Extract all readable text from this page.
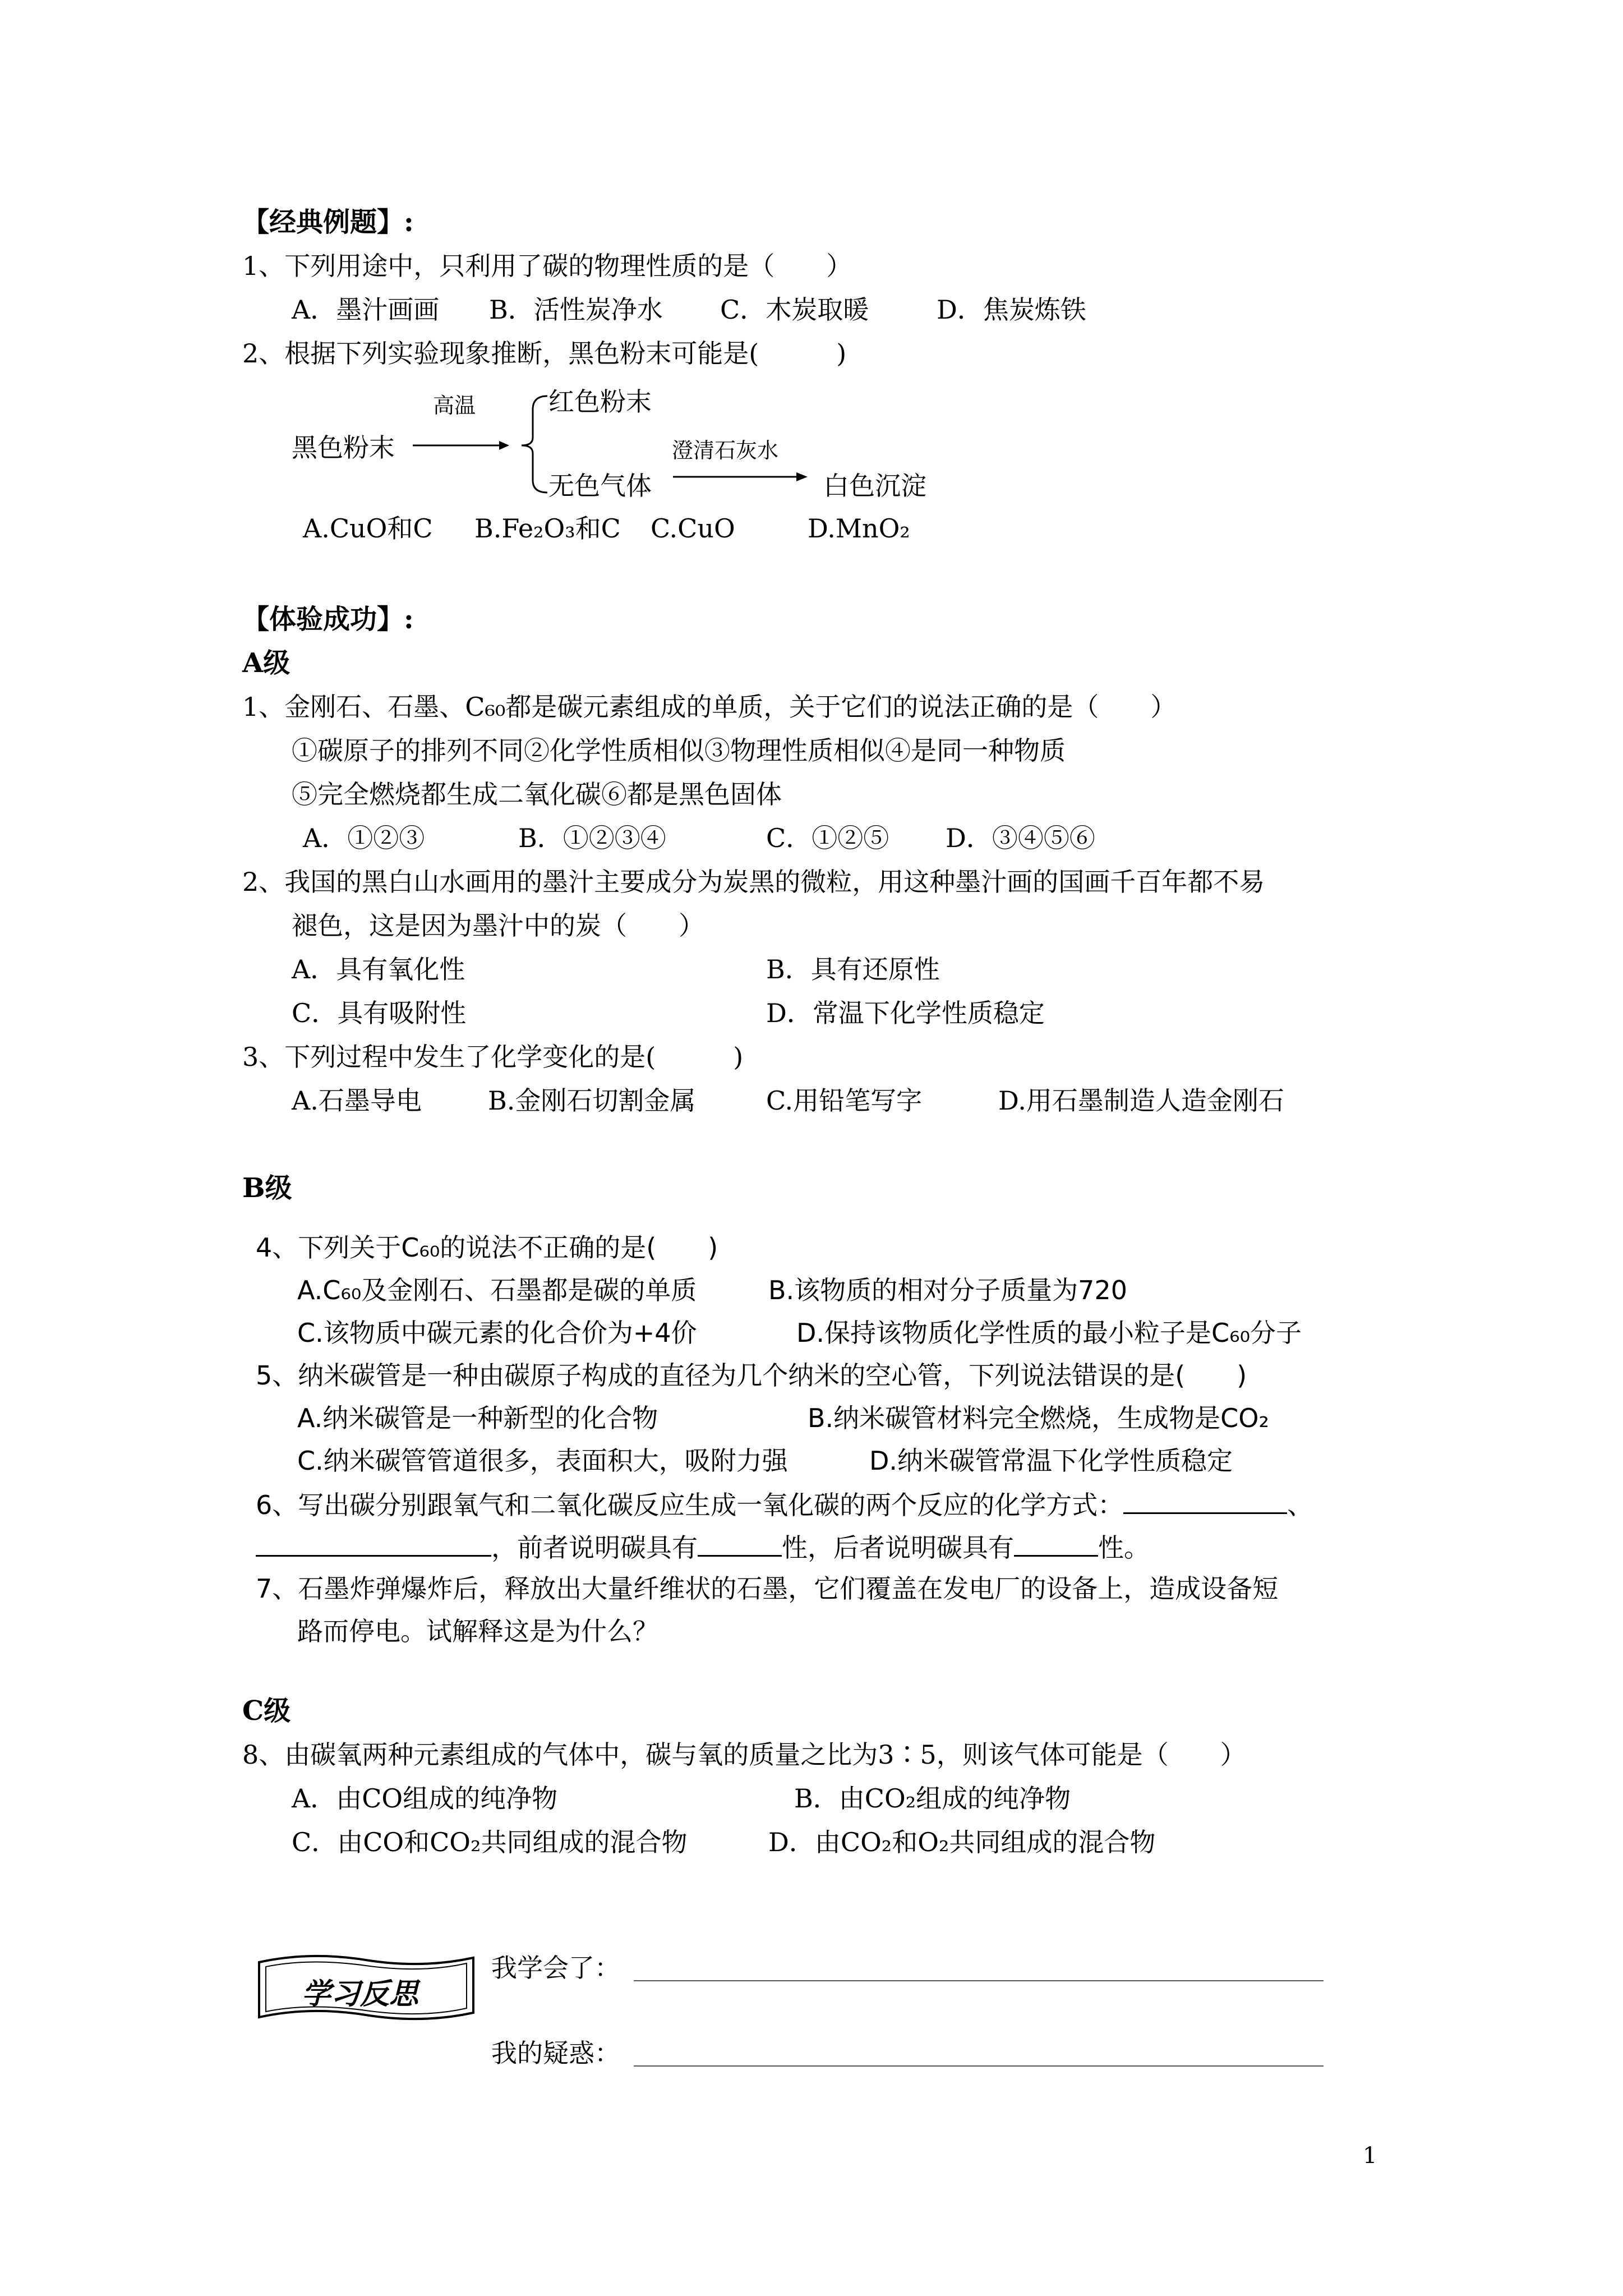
【经典例题】:
1、下列用途中，只利用了碳的物理性质的是（　　）
A．墨汁画画 B．活性炭净水 C．木炭取暖	D．焦炭炼铁
2、根据下列实验现象推断，黑色粉末可能是(　　　)
黑色粉末
高温	红色粉末
无色气体
澄清石灰水
白色沉淀
A.CuO和C B.Fe₂O₃和C C.CuO	D.MnO₂
【体验成功】:
A级
1、金刚石、石墨、C₆₀都是碳元素组成的单质，关于它们的说法正确的是（　　）
①碳原子的排列不同②化学性质相似③物理性质相似④是同一种物质
⑤完全燃烧都生成二氧化碳⑥都是黑色固体
A．①②③	B．①②③④	C．①②⑤ D．③④⑤⑥
2、我国的黑白山水画用的墨汁主要成分为炭黑的微粒，用这种墨汁画的国画千百年都不易
褪色，这是因为墨汁中的炭（　　）
A．具有氧化性	B．具有还原性
C．具有吸附性	D．常温下化学性质稳定
3、下列过程中发生了化学变化的是(　　　)
A.石墨导电	B.金刚石切割金属	C.用铅笔写字	D.用石墨制造人造金刚石
B级
4、下列关于C₆₀的说法不正确的是(　　)
A.C₆₀及金刚石、石墨都是碳的单质	B.该物质的相对分子质量为720
C.该物质中碳元素的化合价为+4价	D.保持该物质化学性质的最小粒子是C₆₀分子
5、纳米碳管是一种由碳原子构成的直径为几个纳米的空心管，下列说法错误的是(　　)
A.纳米碳管是一种新型的化合物	B.纳米碳管材料完全燃烧，生成物是CO₂
C.纳米碳管管道很多，表面积大，吸附力强	D.纳米碳管常温下化学性质稳定
6、写出碳分别跟氧气和二氧化碳反应生成一氧化碳的两个反应的化学方式：	、
，前者说明碳具有	性，后者说明碳具有	性。
7、石墨炸弹爆炸后，释放出大量纤维状的石墨，它们覆盖在发电厂的设备上，造成设备短
路而停电。试解释这是为什么？
C级
8、由碳氧两种元素组成的气体中，碳与氧的质量之比为3∶5，则该气体可能是（　　）
A．由CO组成的纯净物	B．由CO₂组成的纯净物
C．由CO和CO₂共同组成的混合物	D．由CO₂和O₂共同组成的混合物
学习反思
我学会了：
我的疑惑：
1
